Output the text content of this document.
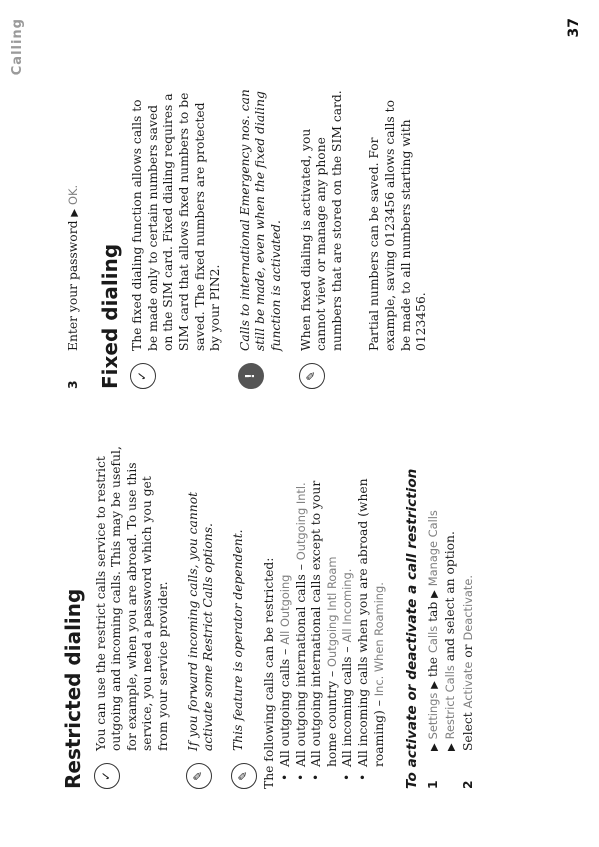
Calling
Restricted dialing	✓

You can use the restrict calls service to restrict outgoing and incoming calls. This may be useful, for example, when you are abroad. To use this service, you need a password which you get from your service provider.

✎

If you forward incoming calls, you cannot activate some Restrict Calls options.

✎

This feature is operator dependent. The following calls can be restricted: • All outgoing calls – All Outgoing • All outgoing international calls – Outgoing Intl. • All outgoing international calls except to your home country – Outgoing Intl Roam
• All incoming calls – All Incoming. • All incoming calls when you are abroad (when roaming) – Inc. When Roaming. To activate or deactivate a call restriction 1
▶ Settings ▶ the Calls tab ▶ Manage Calls
▶ Restrict Calls and select an option.
2
Select Activate or Deactivate.
3
Enter your password ▶ OK.
Fixed dialing	✓

The fixed dialing function allows calls to be made only to certain numbers saved on the SIM card. Fixed dialing requires a SIM card that allows fixed numbers to be saved. The fixed numbers are protected by your PIN2.

!

Calls to international Emergency nos. can still be made, even when the fixed dialing function is activated.

✎

When fixed dialing is activated, you cannot view or manage any phone numbers that are stored on the SIM card. Partial numbers can be saved. For example, saving 0123456 allows calls to be made to all numbers starting with 0123456.

37
